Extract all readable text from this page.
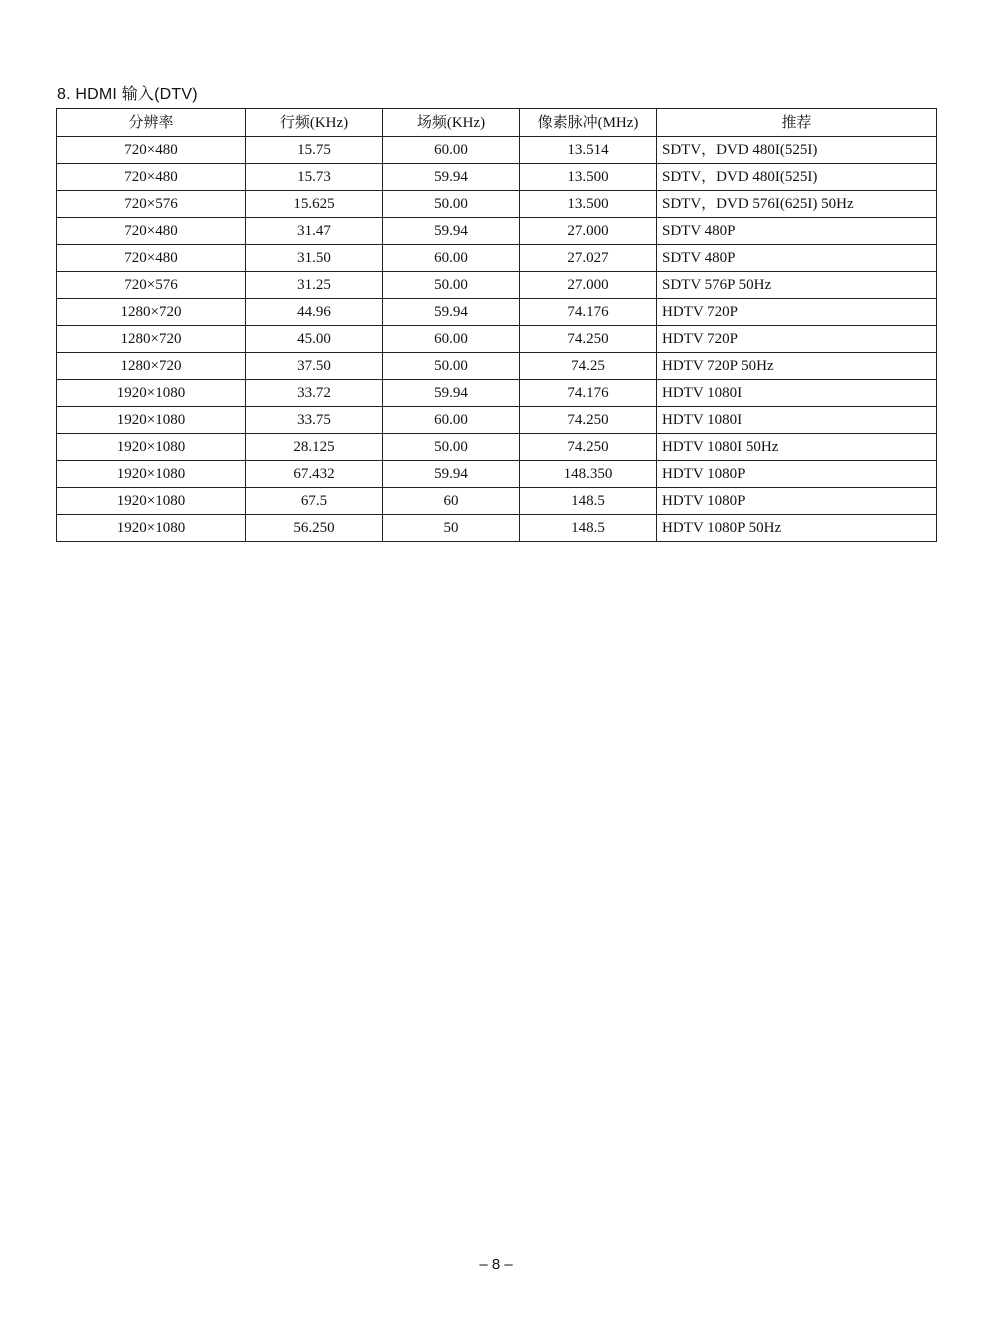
8. HDMI 输入(DTV)
分辨率	行频(KHz)	场频(KHz)	像素脉冲(MHz)	推荐
720×480	15.75	60.00	13.514	SDTV，DVD 480I(525I)
720×480	15.73	59.94	13.500	SDTV，DVD 480I(525I)
720×576	15.625	50.00	13.500	SDTV，DVD 576I(625I) 50Hz
720×480	31.47	59.94	27.000	SDTV 480P
720×480	31.50	60.00	27.027	SDTV 480P
720×576	31.25	50.00	27.000	SDTV 576P 50Hz
1280×720	44.96	59.94	74.176	HDTV 720P
1280×720	45.00	60.00	74.250	HDTV 720P
1280×720	37.50	50.00	74.25	HDTV 720P 50Hz
1920×1080	33.72	59.94	74.176	HDTV 1080I
1920×1080	33.75	60.00	74.250	HDTV 1080I
1920×1080	28.125	50.00	74.250	HDTV 1080I 50Hz
1920×1080	67.432	59.94	148.350	HDTV 1080P
1920×1080	67.5	60	148.5	HDTV 1080P
1920×1080	56.250	50	148.5	HDTV 1080P 50Hz
– 8 –
